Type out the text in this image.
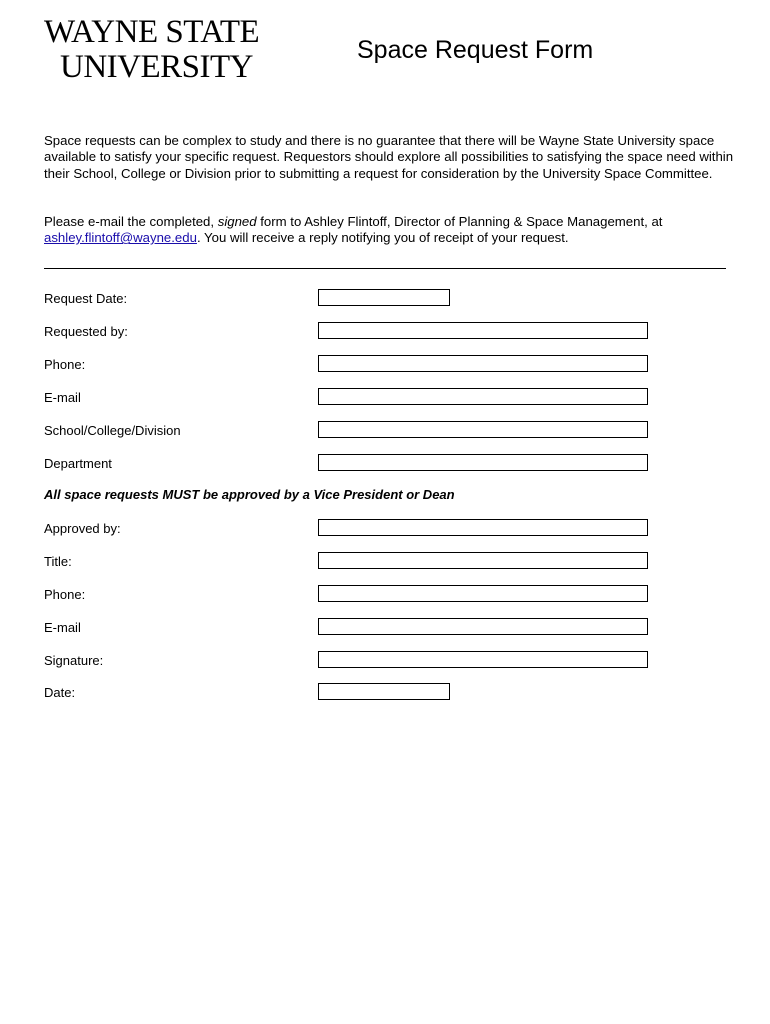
WAYNE STATE
UNIVERSITY	Space Request Form

Space requests can be complex to study and there is no guarantee that there will be Wayne State University space available to satisfy your specific request. Requestors should explore all possibilities to satisfying the space need within their School, College or Division prior to submitting a request for consideration by the University Space Committee.

Please e-mail the completed, signed form to Ashley Flintoff, Director of Planning & Space Management, at
ashley.flintoff@wayne.edu. You will receive a reply notifying you of receipt of your request.

Request Date:
Requested by:
Phone:
E-mail
School/College/Division
Department

All space requests MUST be approved by a Vice President or Dean

Approved by:
Title:
Phone:
E-mail
Signature:
Date:
